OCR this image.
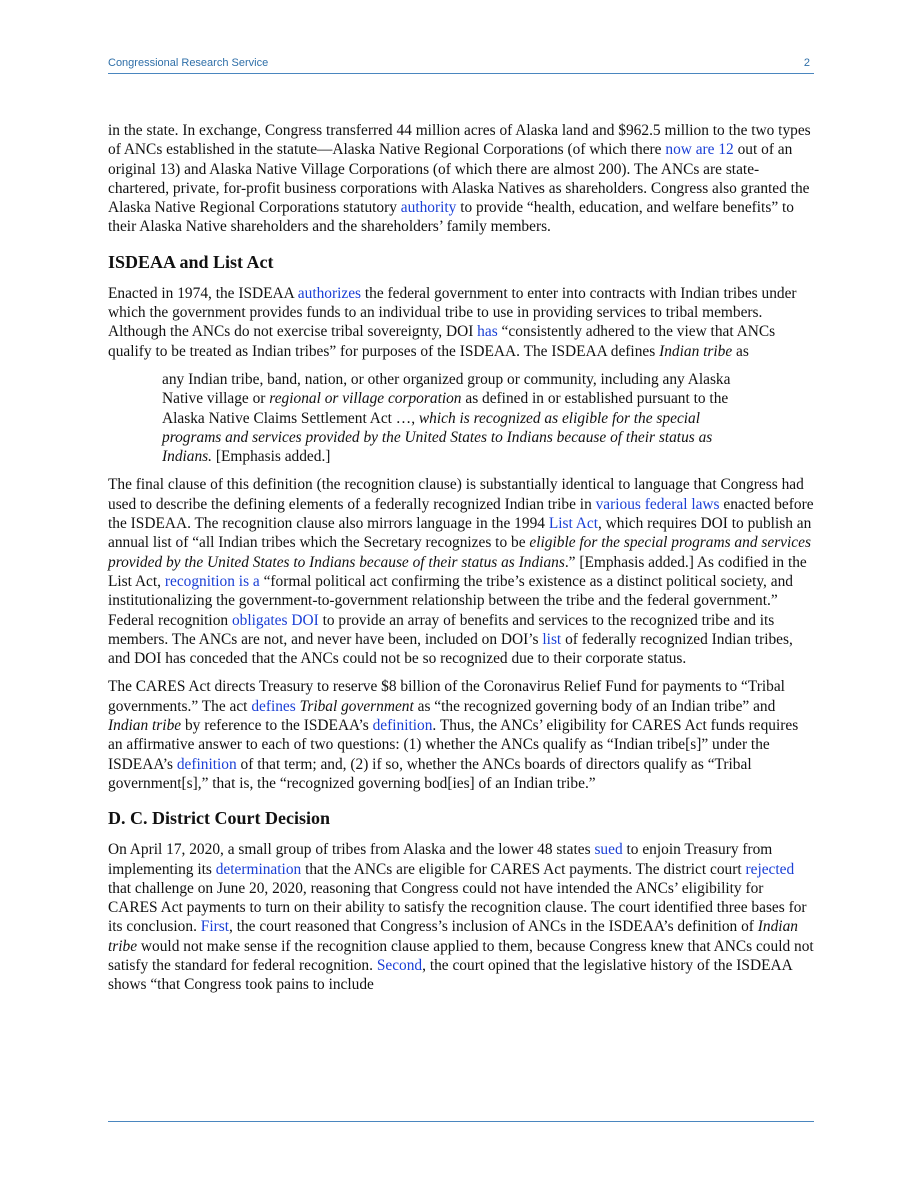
Congressional Research Service	2

in the state. In exchange, Congress transferred 44 million acres of Alaska land and $962.5 million to the two types of ANCs established in the statute—Alaska Native Regional Corporations (of which there now are 12 out of an original 13) and Alaska Native Village Corporations (of which there are almost 200). The ANCs are state-chartered, private, for-profit business corporations with Alaska Natives as shareholders. Congress also granted the Alaska Native Regional Corporations statutory authority to provide “health, education, and welfare benefits” to their Alaska Native shareholders and the shareholders’ family members.

ISDEAA and List Act

Enacted in 1974, the ISDEAA authorizes the federal government to enter into contracts with Indian tribes under which the government provides funds to an individual tribe to use in providing services to tribal members. Although the ANCs do not exercise tribal sovereignty, DOI has “consistently adhered to the view that ANCs qualify to be treated as Indian tribes” for purposes of the ISDEAA. The ISDEAA defines Indian tribe as

any Indian tribe, band, nation, or other organized group or community, including any Alaska Native village or regional or village corporation as defined in or established pursuant to the Alaska Native Claims Settlement Act …, which is recognized as eligible for the special programs and services provided by the United States to Indians because of their status as Indians. [Emphasis added.]

The final clause of this definition (the recognition clause) is substantially identical to language that Congress had used to describe the defining elements of a federally recognized Indian tribe in various federal laws enacted before the ISDEAA. The recognition clause also mirrors language in the 1994 List Act, which requires DOI to publish an annual list of “all Indian tribes which the Secretary recognizes to be eligible for the special programs and services provided by the United States to Indians because of their status as Indians.” [Emphasis added.] As codified in the List Act, recognition is a “formal political act confirming the tribe’s existence as a distinct political society, and institutionalizing the government-to-government relationship between the tribe and the federal government.” Federal recognition obligates DOI to provide an array of benefits and services to the recognized tribe and its members. The ANCs are not, and never have been, included on DOI’s list of federally recognized Indian tribes, and DOI has conceded that the ANCs could not be so recognized due to their corporate status.

The CARES Act directs Treasury to reserve $8 billion of the Coronavirus Relief Fund for payments to “Tribal governments.” The act defines Tribal government as “the recognized governing body of an Indian tribe” and Indian tribe by reference to the ISDEAA’s definition. Thus, the ANCs’ eligibility for CARES Act funds requires an affirmative answer to each of two questions: (1) whether the ANCs qualify as “Indian tribe[s]” under the ISDEAA’s definition of that term; and, (2) if so, whether the ANCs boards of directors qualify as “Tribal government[s],” that is, the “recognized governing bod[ies] of an Indian tribe.”

D. C. District Court Decision

On April 17, 2020, a small group of tribes from Alaska and the lower 48 states sued to enjoin Treasury from implementing its determination that the ANCs are eligible for CARES Act payments. The district court rejected that challenge on June 20, 2020, reasoning that Congress could not have intended the ANCs’ eligibility for CARES Act payments to turn on their ability to satisfy the recognition clause. The court identified three bases for its conclusion. First, the court reasoned that Congress’s inclusion of ANCs in the ISDEAA’s definition of Indian tribe would not make sense if the recognition clause applied to them, because Congress knew that ANCs could not satisfy the standard for federal recognition. Second, the court opined that the legislative history of the ISDEAA shows “that Congress took pains to include
